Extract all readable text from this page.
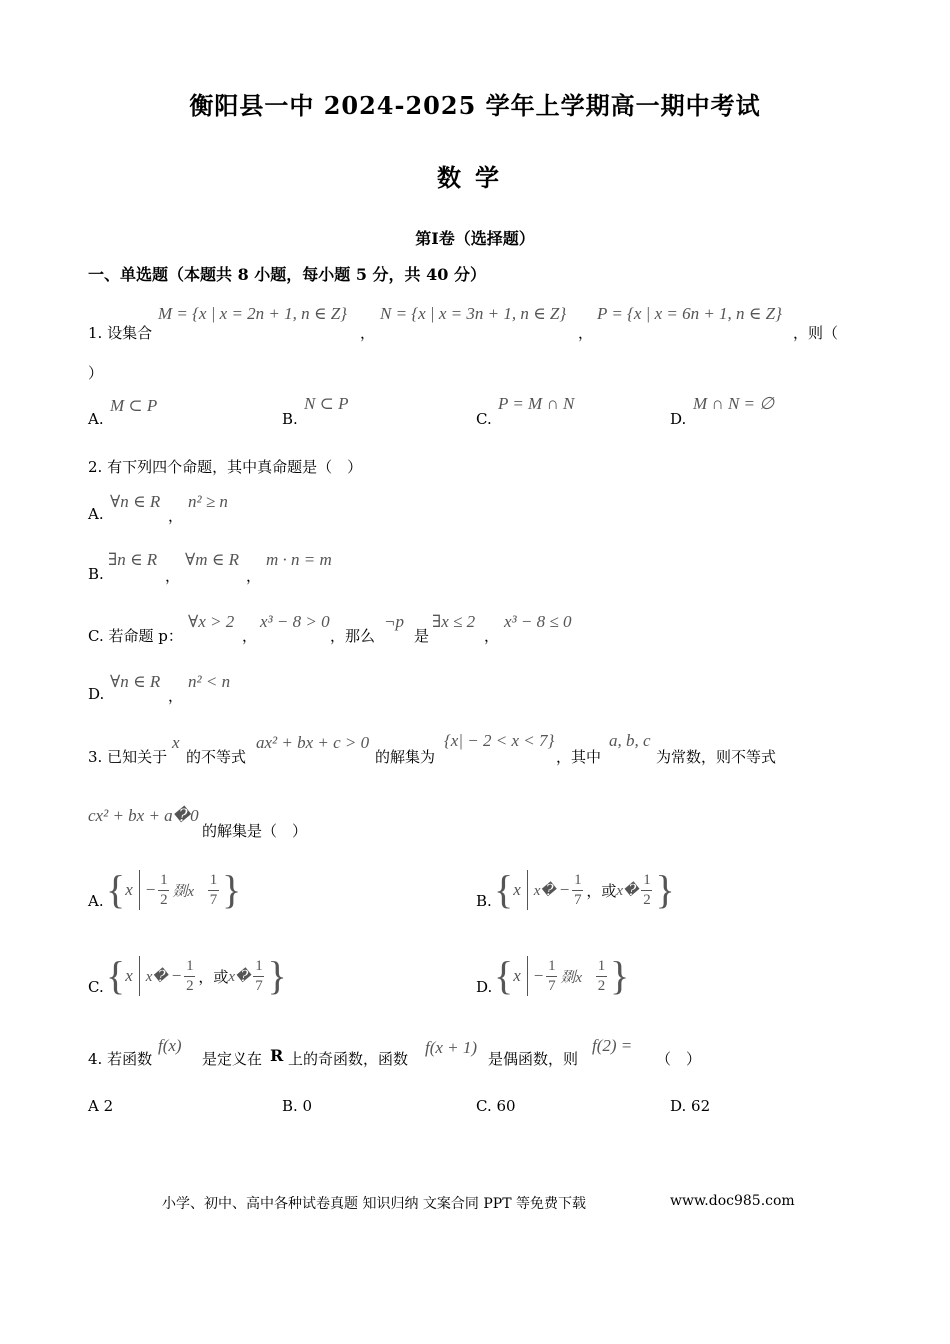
衡阳县一中 2024-2025 学年上学期高一期中考试
数学
第Ⅰ卷（选择题）
一、单选题（本题共 8 小题，每小题 5 分，共 40 分）
1. 设集合
M = {x | x = 2n + 1, n ∈ Z}
，
N = {x | x = 3n + 1, n ∈ Z}
，
P = {x | x = 6n + 1, n ∈ Z}
，则（
）
A.
M ⊂ P
B.
N ⊂ P
C.
P = M ∩ N
D.
M ∩ N = ∅
2. 有下列四个命题，其中真命题是（　）
A.
∀n ∈ R
，
n² ≥ n
B.
∃n ∈ R
，
∀m ∈ R
，
m · n = m
C. 若命题 p：
∀x > 2
，
x³ − 8 > 0
，那么
¬p
是
∃x ≤ 2
，
x³ − 8 ≤ 0
D.
∀n ∈ R
，
n² < n
3. 已知关于
x
的不等式
ax² + bx + c > 0
的解集为
{x| − 2 < x < 7}
，其中
a, b, c
为常数，则不等式
cx² + bx + a�0
的解集是（　）
A. { $x - \frac{1}{2}$ 剟x $\frac{1}{7}$ }	B. { x x� − $\frac{1}{7}$ ，或 x� $\frac{1}{2}$ }
C. { x x� − $\frac{1}{2}$ ，或 x� $\frac{1}{7}$ }	D. { $x - \frac{1}{7}$ 剟x $\frac{1}{2}$ }
4. 若函数
f(x)
是定义在 R 上的奇函数，函数
f(x + 1)
是偶函数，则
f(2) =
（　）
A 2	B. 0	C. 60	D. 62
小学、初中、高中各种试卷真题 知识归纳 文案合同 PPT 等免费下载	www.doc985.com
